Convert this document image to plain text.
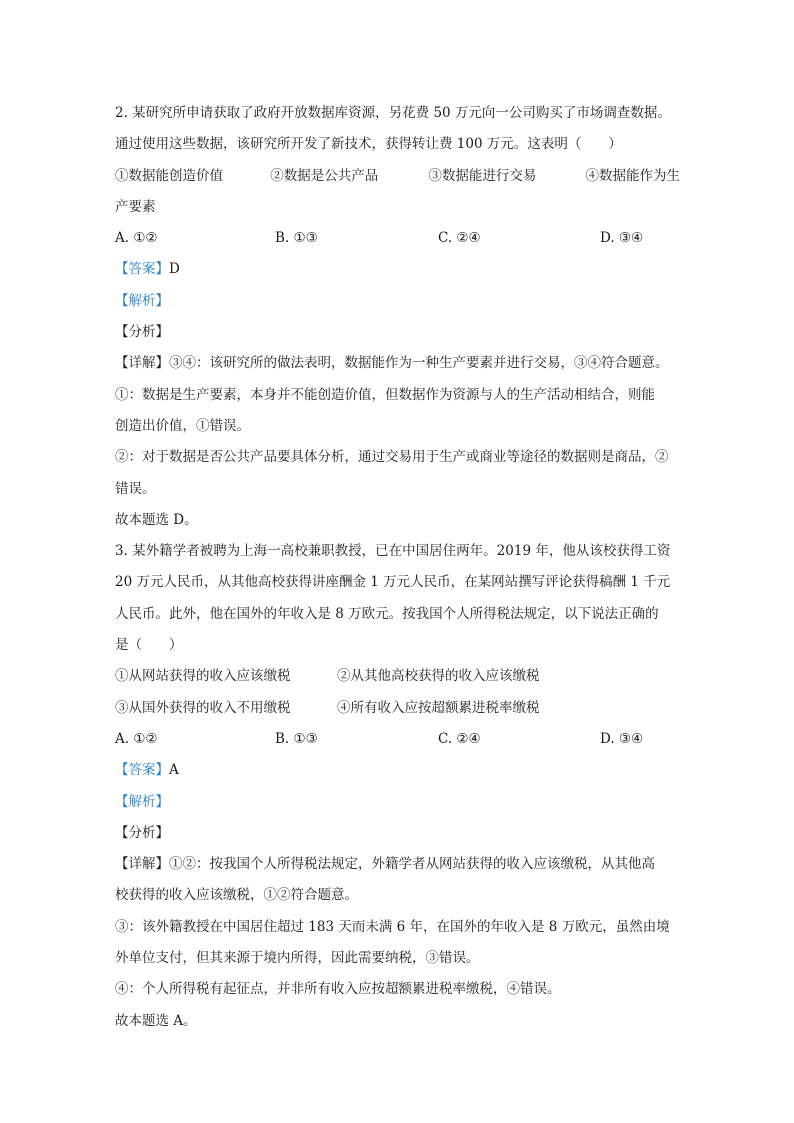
2. 某研究所申请获取了政府开放数据库资源，另花费 50 万元向一公司购买了市场调查数据。
通过使用这些数据，该研究所开发了新技术，获得转让费 100 万元。这表明（　　）
①数据能创造价值	②数据是公共产品	③数据能进行交易	④数据能作为生
产要素
A. ①②	B. ①③	C. ②④	D. ③④
【答案】D
【解析】
【分析】
【详解】③④：该研究所的做法表明，数据能作为一种生产要素并进行交易，③④符合题意。
①：数据是生产要素，本身并不能创造价值，但数据作为资源与人的生产活动相结合，则能
创造出价值，①错误。
②：对于数据是否公共产品要具体分析，通过交易用于生产或商业等途径的数据则是商品，②
错误。
故本题选 D。
3. 某外籍学者被聘为上海一高校兼职教授，已在中国居住两年。2019 年，他从该校获得工资
20 万元人民币，从其他高校获得讲座酬金 1 万元人民币，在某网站撰写评论获得稿酬 1 千元
人民币。此外，他在国外的年收入是 8 万欧元。按我国个人所得税法规定，以下说法正确的
是（　　）
①从网站获得的收入应该缴税	②从其他高校获得的收入应该缴税
③从国外获得的收入不用缴税	④所有收入应按超额累进税率缴税
A. ①②	B. ①③	C. ②④	D. ③④
【答案】A
【解析】
【分析】
【详解】①②：按我国个人所得税法规定，外籍学者从网站获得的收入应该缴税，从其他高
校获得的收入应该缴税，①②符合题意。
③：该外籍教授在中国居住超过 183 天而未满 6 年，在国外的年收入是 8 万欧元，虽然由境
外单位支付，但其来源于境内所得，因此需要纳税，③错误。
④：个人所得税有起征点，并非所有收入应按超额累进税率缴税，④错误。
故本题选 A。
